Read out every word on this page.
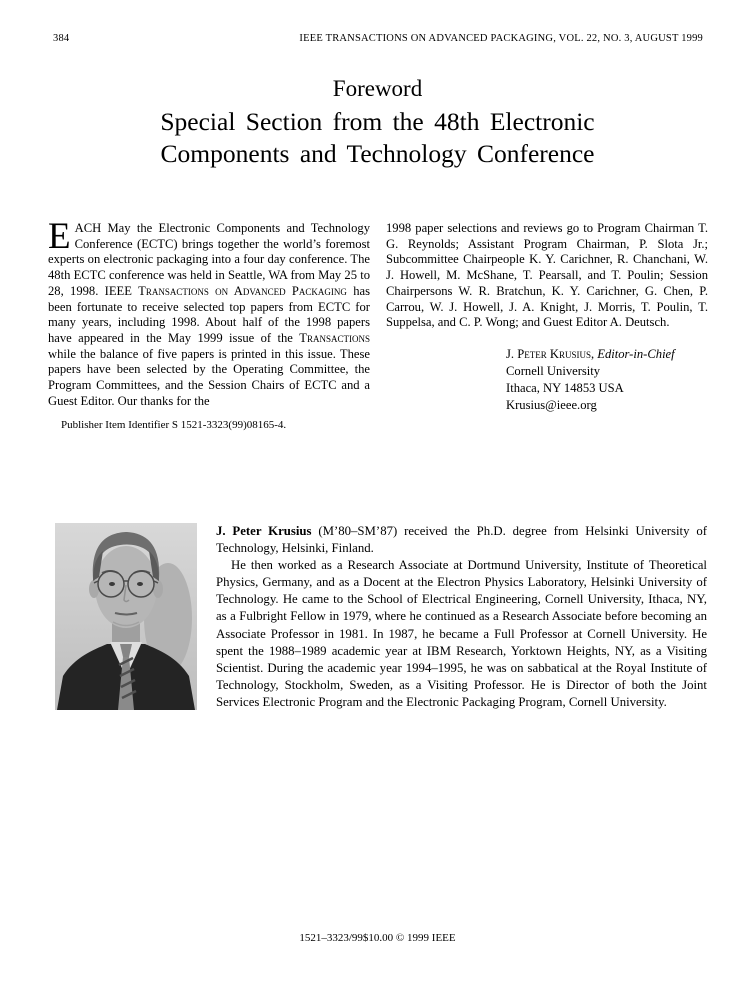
384	IEEE TRANSACTIONS ON ADVANCED PACKAGING, VOL. 22, NO. 3, AUGUST 1999
Foreword
Special Section from the 48th Electronic
Components and Technology Conference

EACH May the Electronic Components and Technology Conference (ECTC) brings together the world’s foremost experts on electronic packaging into a four day conference. The 48th ECTC conference was held in Seattle, WA from May 25 to 28, 1998. IEEE Transactions on Advanced Packaging has been fortunate to receive selected top papers from ECTC for many years, including 1998. About half of the 1998 papers have appeared in the May 1999 issue of the Transactions while the balance of five papers is printed in this issue. These papers have been selected by the Operating Committee, the Program Committees, and the Session Chairs of ECTC and a Guest Editor. Our thanks for the

Publisher Item Identifier S 1521-3323(99)08165-4.

1998 paper selections and reviews go to Program Chairman T. G. Reynolds; Assistant Program Chairman, P. Slota Jr.; Subcommittee Chairpeople K. Y. Carichner, R. Chanchani, W. J. Howell, M. McShane, T. Pearsall, and T. Poulin; Session Chairpersons W. R. Bratchun, K. Y. Carichner, G. Chen, P. Carrou, W. J. Howell, J. A. Knight, J. Morris, T. Poulin, T. Suppelsa, and C. P. Wong; and Guest Editor A. Deutsch.

J. Peter Krusius, Editor-in-Chief
Cornell University
Ithaca, NY 14853 USA
Krusius@ieee.org

J. Peter Krusius (M’80–SM’87) received the Ph.D. degree from Helsinki University of Technology, Helsinki, Finland.

He then worked as a Research Associate at Dortmund University, Institute of Theoretical Physics, Germany, and as a Docent at the Electron Physics Laboratory, Helsinki University of Technology. He came to the School of Electrical Engineering, Cornell University, Ithaca, NY, as a Fulbright Fellow in 1979, where he continued as a Research Associate before becoming an Associate Professor in 1981. In 1987, he became a Full Professor at Cornell University. He spent the 1988–1989 academic year at IBM Research, Yorktown Heights, NY, as a Visiting Scientist. During the academic year 1994–1995, he was on sabbatical at the Royal Institute of Technology, Stockholm, Sweden, as a Visiting Professor. He is Director of both the Joint Services Electronic Program and the Electronic Packaging Program, Cornell University.

1521–3323/99$10.00 © 1999 IEEE
